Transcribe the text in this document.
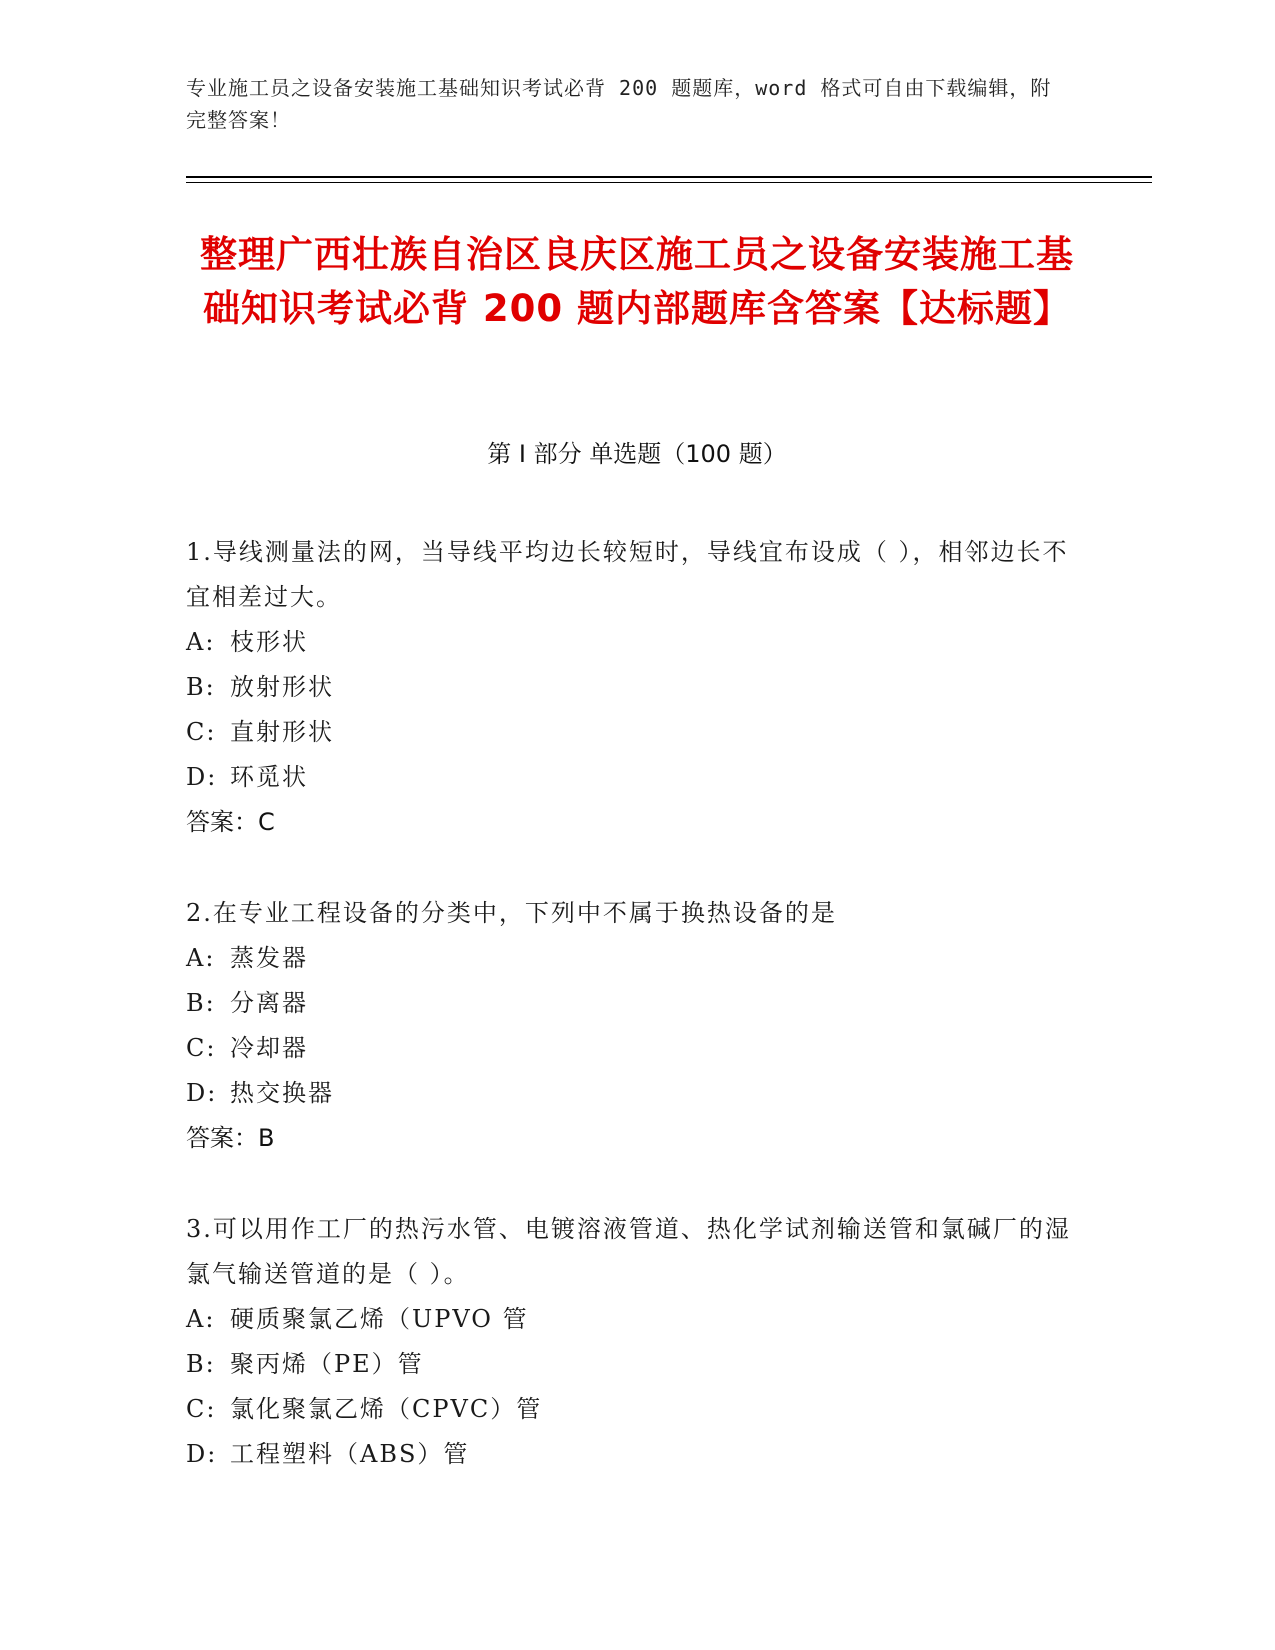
专业施工员之设备安装施工基础知识考试必背 200 题题库，word 格式可自由下载编辑，附完整答案！
整理广西壮族自治区良庆区施工员之设备安装施工基础知识考试必背 200 题内部题库含答案【达标题】
第 I 部分 单选题（100 题）

1.导线测量法的网，当导线平均边长较短时，导线宜布设成（ ），相邻边长不宜相差过大。

A: 枝形状
B: 放射形状
C: 直射形状
D: 环觅状
答案：C

2.在专业工程设备的分类中，下列中不属于换热设备的是

A: 蒸发器
B: 分离器
C: 冷却器
D: 热交换器
答案：B

3.可以用作工厂的热污水管、电镀溶液管道、热化学试剂输送管和氯碱厂的湿氯气输送管道的是（ ）。

A: 硬质聚氯乙烯（UPVO 管
B: 聚丙烯（PE）管
C: 氯化聚氯乙烯（CPVC）管
D: 工程塑料（ABS）管
